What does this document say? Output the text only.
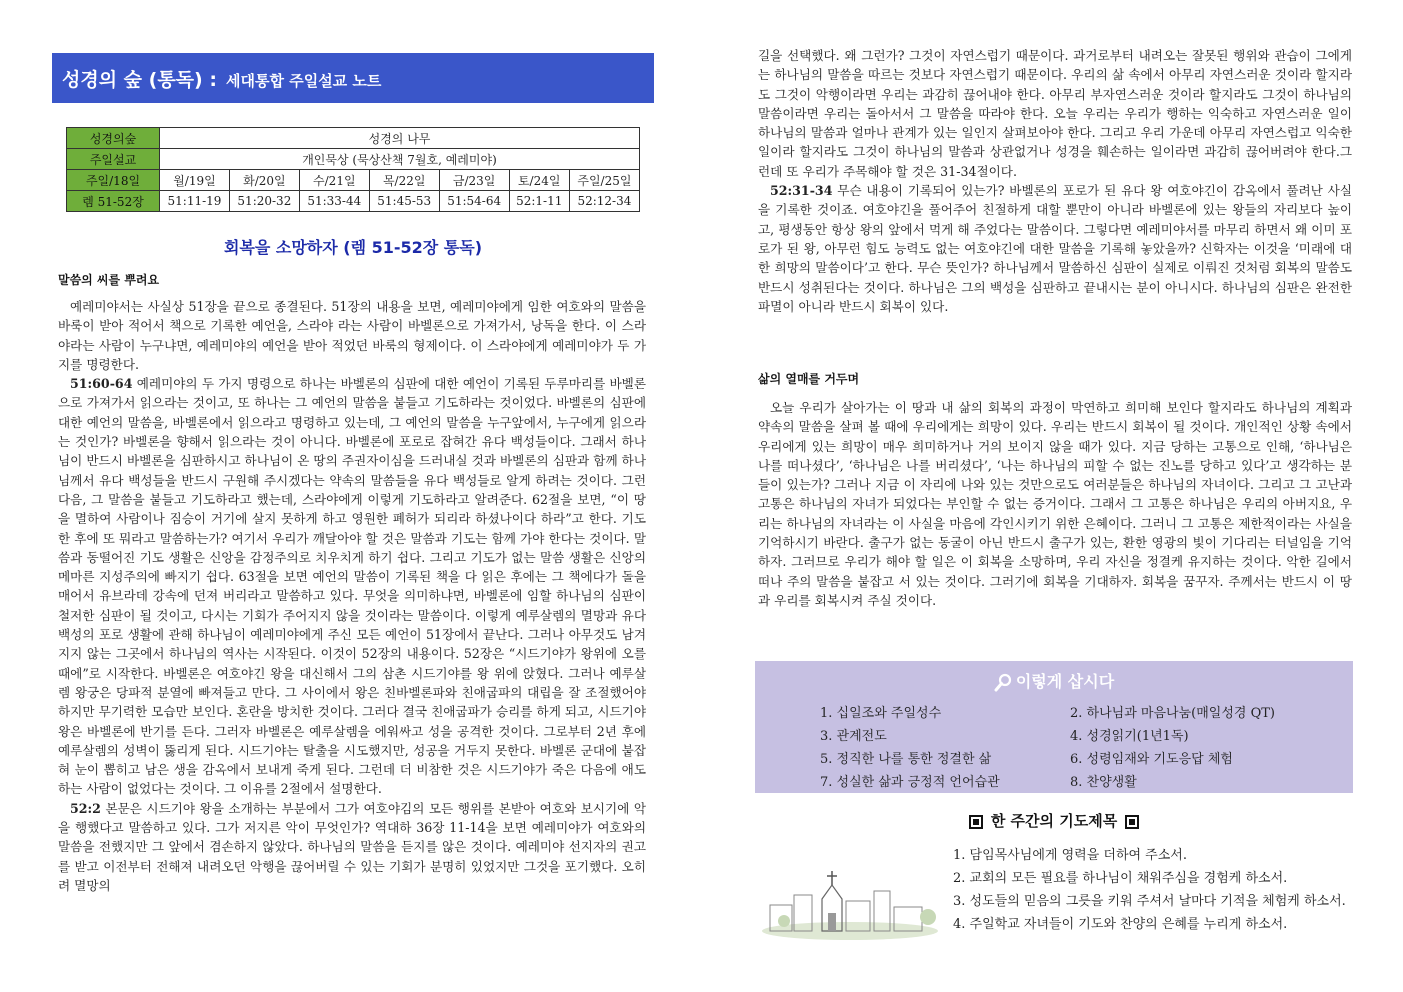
성경의 숲 (통독) : 세대통합 주일설교 노트
성경의숲	성경의 나무						
주일설교	개인묵상 (묵상산책 7월호, 예레미야)						
주일/18일	월/19일	화/20일	수/21일	목/22일	금/23일	토/24일	주일/25일
렘 51-52장	51:11-19	51:20-32	51:33-44	51:45-53	51:54-64	52:1-11	52:12-34
회복을 소망하자 (렘 51-52장 통독)
말씀의 씨를 뿌려요

예레미야서는 사실상 51장을 끝으로 종결된다. 51장의 내용을 보면, 예레미야에게 임한 여호와의 말씀을 바룩이 받아 적어서 책으로 기록한 예언을, 스라야 라는 사람이 바벨론으로 가져가서, 낭독을 한다. 이 스라야라는 사람이 누구냐면, 예레미야의 예언을 받아 적었던 바룩의 형제이다. 이 스라야에게 예레미야가 두 가지를 명령한다.

51:60-64 예레미야의 두 가지 명령으로 하나는 바벨론의 심판에 대한 예언이 기록된 두루마리를 바벨론으로 가져가서 읽으라는 것이고, 또 하나는 그 예언의 말씀을 붙들고 기도하라는 것이었다. 바벨론의 심판에 대한 예언의 말씀을, 바벨론에서 읽으라고 명령하고 있는데, 그 예언의 말씀을 누구앞에서, 누구에게 읽으라는 것인가? 바벨론을 향해서 읽으라는 것이 아니다. 바벨론에 포로로 잡혀간 유다 백성들이다. 그래서 하나님이 반드시 바벨론을 심판하시고 하나님이 온 땅의 주권자이심을 드러내실 것과 바벨론의 심판과 함께 하나님께서 유다 백성들을 반드시 구원해 주시겠다는 약속의 말씀들을 유다 백성들로 알게 하려는 것이다. 그런 다음, 그 말씀을 붙들고 기도하라고 했는데, 스라야에게 이렇게 기도하라고 알려준다. 62절을 보면, “이 땅을 멸하여 사람이나 짐승이 거기에 살지 못하게 하고 영원한 폐허가 되리라 하셨나이다 하라”고 한다. 기도한 후에 또 뭐라고 말씀하는가? 여기서 우리가 깨달아야 할 것은 말씀과 기도는 함께 가야 한다는 것이다. 말씀과 동떨어진 기도 생활은 신앙을 감정주의로 치우치게 하기 쉽다. 그리고 기도가 없는 말씀 생활은 신앙의 메마른 지성주의에 빠지기 쉽다. 63절을 보면 예언의 말씀이 기록된 책을 다 읽은 후에는 그 책에다가 돌을 매어서 유브라데 강속에 던져 버리라고 말씀하고 있다. 무엇을 의미하냐면, 바벨론에 임할 하나님의 심판이 철저한 심판이 될 것이고, 다시는 기회가 주어지지 않을 것이라는 말씀이다. 이렇게 예루살렘의 멸망과 유다 백성의 포로 생활에 관해 하나님이 예레미야에게 주신 모든 예언이 51장에서 끝난다. 그러나 아무것도 남겨지지 않는 그곳에서 하나님의 역사는 시작된다. 이것이 52장의 내용이다. 52장은 “시드기야가 왕위에 오를 때에”로 시작한다. 바벨론은 여호야긴 왕을 대신해서 그의 삼촌 시드기야를 왕 위에 앉혔다. 그러나 예루살렘 왕궁은 당파적 분열에 빠져들고 만다. 그 사이에서 왕은 친바벨론파와 친애굽파의 대립을 잘 조절했어야 하지만 무기력한 모습만 보인다. 혼란을 방치한 것이다. 그러다 결국 친애굽파가 승리를 하게 되고, 시드기야 왕은 바벨론에 반기를 든다. 그러자 바벨론은 예루살렘을 에워싸고 성을 공격한 것이다. 그로부터 2년 후에 예루살렘의 성벽이 뚫리게 된다. 시드기야는 탈출을 시도했지만, 성공을 거두지 못한다. 바벨론 군대에 붙잡혀 눈이 뽑히고 남은 생을 감옥에서 보내게 죽게 된다. 그런데 더 비참한 것은 시드기야가 죽은 다음에 애도하는 사람이 없었다는 것이다. 그 이유를 2절에서 설명한다.

52:2 본문은 시드기야 왕을 소개하는 부분에서 그가 여호야김의 모든 행위를 본받아 여호와 보시기에 악을 행했다고 말씀하고 있다. 그가 저지른 악이 무엇인가? 역대하 36장 11-14을 보면 예레미야가 여호와의 말씀을 전했지만 그 앞에서 겸손하지 않았다. 하나님의 말씀을 듣지를 않은 것이다. 예레미야 선지자의 권고를 받고 이전부터 전해져 내려오던 악행을 끊어버릴 수 있는 기회가 분명히 있었지만 그것을 포기했다. 오히려 멸망의

길을 선택했다. 왜 그런가? 그것이 자연스럽기 때문이다. 과거로부터 내려오는 잘못된 행위와 관습이 그에게는 하나님의 말씀을 따르는 것보다 자연스럽기 때문이다. 우리의 삶 속에서 아무리 자연스러운 것이라 할지라도 그것이 악행이라면 우리는 과감히 끊어내야 한다. 아무리 부자연스러운 것이라 할지라도 그것이 하나님의 말씀이라면 우리는 돌아서서 그 말씀을 따라야 한다. 오늘 우리는 우리가 행하는 익숙하고 자연스러운 일이 하나님의 말씀과 얼마나 관계가 있는 일인지 살펴보아야 한다. 그리고 우리 가운데 아무리 자연스럽고 익숙한 일이라 할지라도 그것이 하나님의 말씀과 상관없거나 성경을 훼손하는 일이라면 과감히 끊어버려야 한다.그런데 또 우리가 주목해야 할 것은 31-34절이다.

52:31-34 무슨 내용이 기록되어 있는가? 바벨론의 포로가 된 유다 왕 여호야긴이 감옥에서 풀려난 사실을 기록한 것이죠. 여호야긴을 풀어주어 친절하게 대할 뿐만이 아니라 바벨론에 있는 왕들의 자리보다 높이고, 평생동안 항상 왕의 앞에서 먹게 해 주었다는 말씀이다. 그렇다면 예레미야서를 마무리 하면서 왜 이미 포로가 된 왕, 아무런 힘도 능력도 없는 여호야긴에 대한 말씀을 기록해 놓았을까? 신학자는 이것을 ‘미래에 대한 희망의 말씀이다’고 한다. 무슨 뜻인가? 하나님께서 말씀하신 심판이 실제로 이뤄진 것처럼 회복의 말씀도 반드시 성취된다는 것이다. 하나님은 그의 백성을 심판하고 끝내시는 분이 아니시다. 하나님의 심판은 완전한 파멸이 아니라 반드시 회복이 있다.

삶의 열매를 거두며

오늘 우리가 살아가는 이 땅과 내 삶의 회복의 과정이 막연하고 희미해 보인다 할지라도 하나님의 계획과 약속의 말씀을 살펴 볼 때에 우리에게는 희망이 있다. 우리는 반드시 회복이 될 것이다. 개인적인 상황 속에서 우리에게 있는 희망이 매우 희미하거나 거의 보이지 않을 때가 있다. 지금 당하는 고통으로 인해, ‘하나님은 나를 떠나셨다’, ‘하나님은 나를 버리셨다’, ‘나는 하나님의 피할 수 없는 진노를 당하고 있다’고 생각하는 분들이 있는가? 그러나 지금 이 자리에 나와 있는 것만으로도 여러분들은 하나님의 자녀이다. 그리고 그 고난과 고통은 하나님의 자녀가 되었다는 부인할 수 없는 증거이다. 그래서 그 고통은 하나님은 우리의 아버지요, 우리는 하나님의 자녀라는 이 사실을 마음에 각인시키기 위한 은혜이다. 그러니 그 고통은 제한적이라는 사실을 기억하시기 바란다. 출구가 없는 동굴이 아닌 반드시 출구가 있는, 환한 영광의 빛이 기다리는 터널임을 기억하자. 그러므로 우리가 해야 할 일은 이 회복을 소망하며, 우리 자신을 정결케 유지하는 것이다. 악한 길에서 떠나 주의 말씀을 붙잡고 서 있는 것이다. 그러기에 회복을 기대하자. 회복을 꿈꾸자. 주께서는 반드시 이 땅과 우리를 회복시켜 주실 것이다.

이렇게 삽시다
1. 십일조와 주일성수	2. 하나님과 마음나눔(매일성경 QT)
3. 관계전도	4. 성경읽기(1년1독)
5. 정직한 나를 통한 정결한 삶	6. 성령임재와 기도응답 체험
7. 성실한 삶과 긍정적 언어습관	8. 찬양생활
한 주간의 기도제목
1. 담임목사님에게 영력을 더하여 주소서.
2. 교회의 모든 필요를 하나님이 채워주심을 경험케 하소서.
3. 성도들의 믿음의 그릇을 키워 주셔서 날마다 기적을 체험케 하소서.
4. 주일학교 자녀들이 기도와 찬양의 은혜를 누리게 하소서.
